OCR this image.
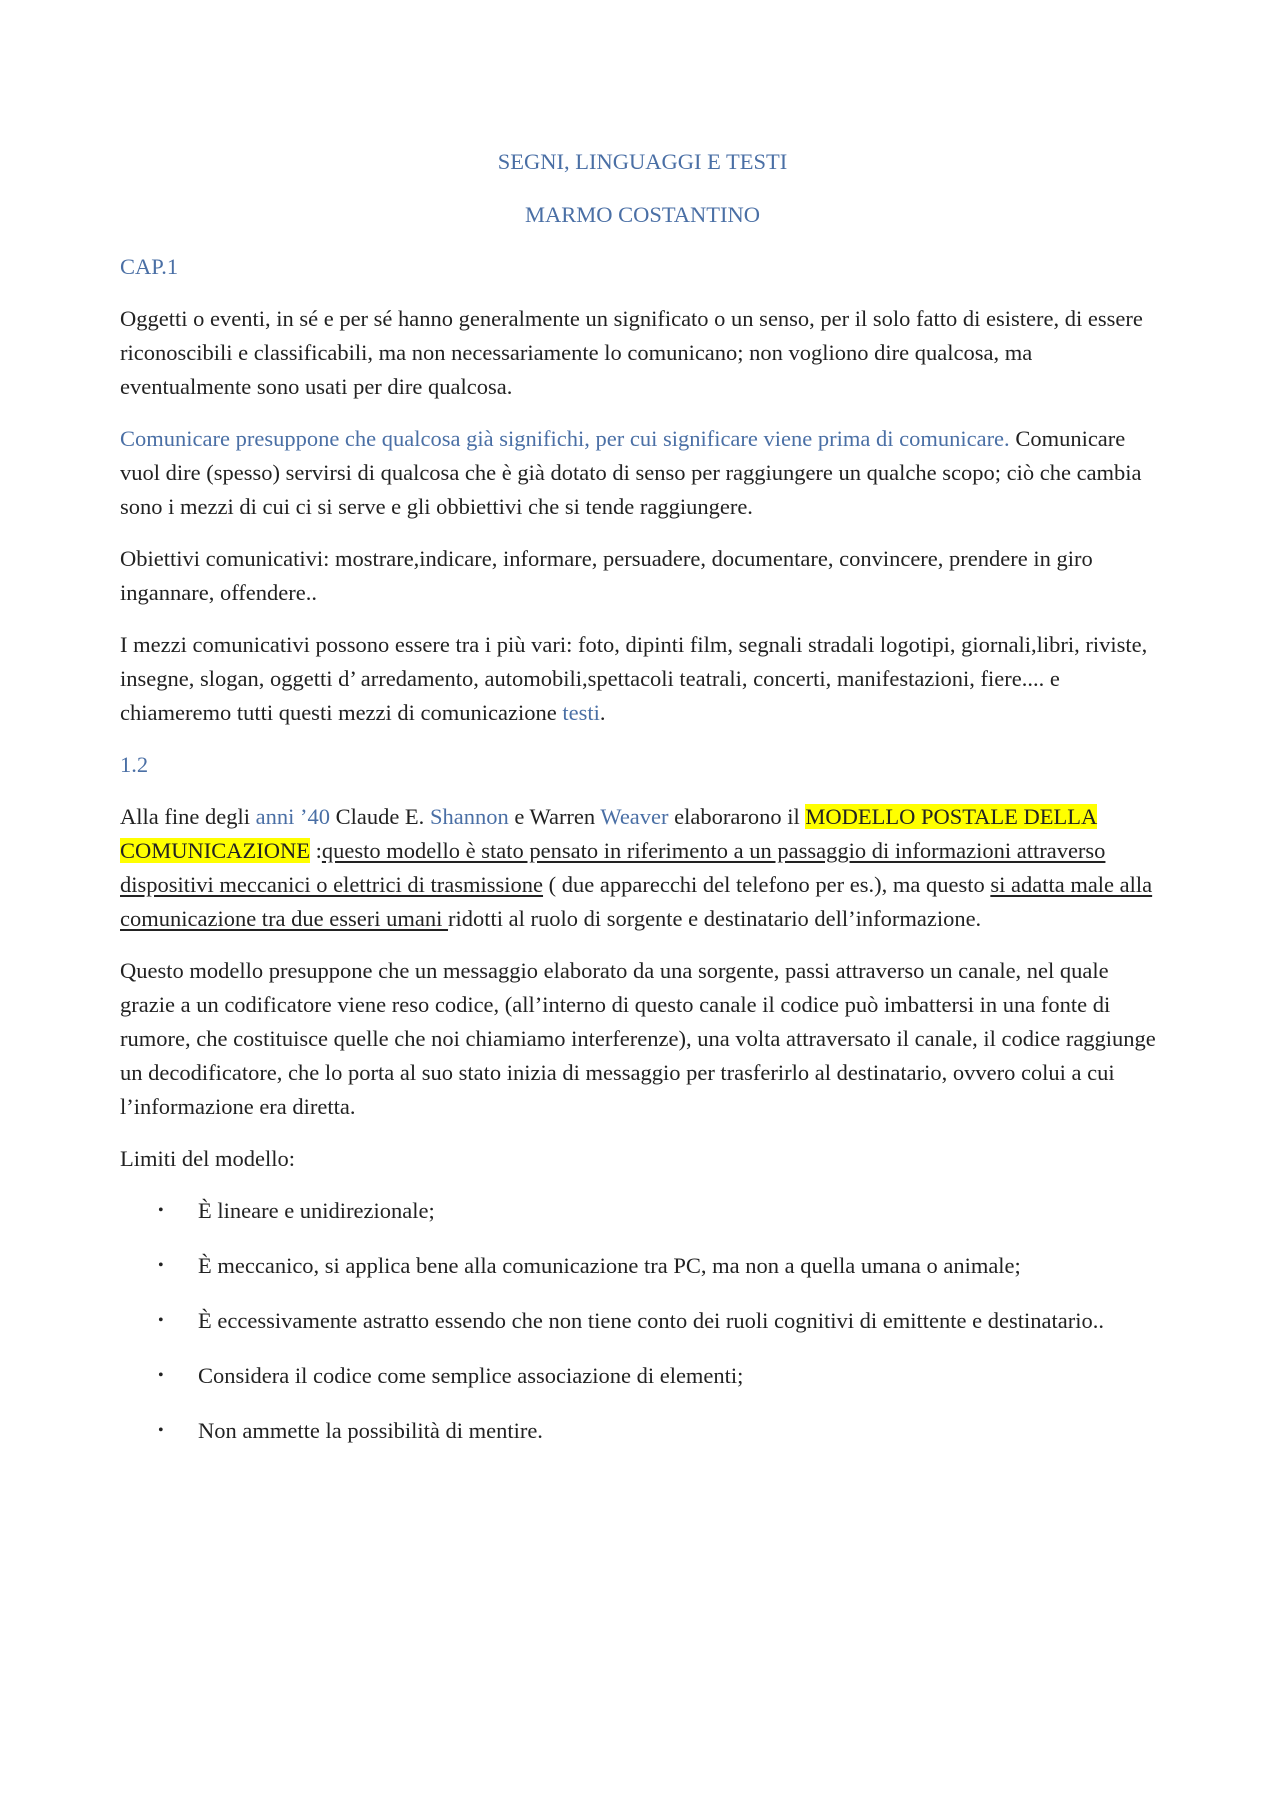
SEGNI, LINGUAGGI E TESTI

MARMO COSTANTINO

CAP.1

Oggetti o eventi, in sé e per sé hanno generalmente un significato o un senso, per il solo fatto di esistere, di essere riconoscibili e classificabili, ma non necessariamente lo comunicano; non vogliono dire qualcosa, ma eventualmente sono usati per dire qualcosa.

Comunicare presuppone che qualcosa già significhi, per cui significare viene prima di comunicare. Comunicare vuol dire (spesso) servirsi di qualcosa che è già dotato di senso per raggiungere un qualche scopo; ciò che cambia sono i mezzi di cui ci si serve e gli obbiettivi che si tende raggiungere.

Obiettivi comunicativi: mostrare,indicare, informare, persuadere, documentare, convincere, prendere in giro ingannare, offendere..

I mezzi comunicativi possono essere tra i più vari: foto, dipinti film, segnali stradali logotipi, giornali,libri, riviste, insegne, slogan, oggetti d’ arredamento, automobili,spettacoli teatrali, concerti, manifestazioni, fiere.... e chiameremo tutti questi mezzi di comunicazione testi.

1.2

Alla fine degli anni ’40 Claude E. Shannon e Warren Weaver elaborarono il MODELLO POSTALE DELLA COMUNICAZIONE :questo modello è stato pensato in riferimento a un passaggio di informazioni attraverso dispositivi meccanici o elettrici di trasmissione ( due apparecchi del telefono per es.), ma questo si adatta male alla comunicazione tra due esseri umani ridotti al ruolo di sorgente e destinatario dell’informazione.

Questo modello presuppone che un messaggio elaborato da una sorgente, passi attraverso un canale, nel quale grazie a un codificatore viene reso codice, (all’interno di questo canale il codice può imbattersi in una fonte di rumore, che costituisce quelle che noi chiamiamo interferenze), una volta attraversato il canale, il codice raggiunge un decodificatore, che lo porta al suo stato inizia di messaggio per trasferirlo al destinatario, ovvero colui a cui l’informazione era diretta.

Limiti del modello:

• È lineare e unidirezionale;
• È meccanico, si applica bene alla comunicazione tra PC, ma non a quella umana o animale;
• È eccessivamente astratto essendo che non tiene conto dei ruoli cognitivi di emittente e destinatario..
• Considera il codice come semplice associazione di elementi;
• Non ammette la possibilità di mentire.
